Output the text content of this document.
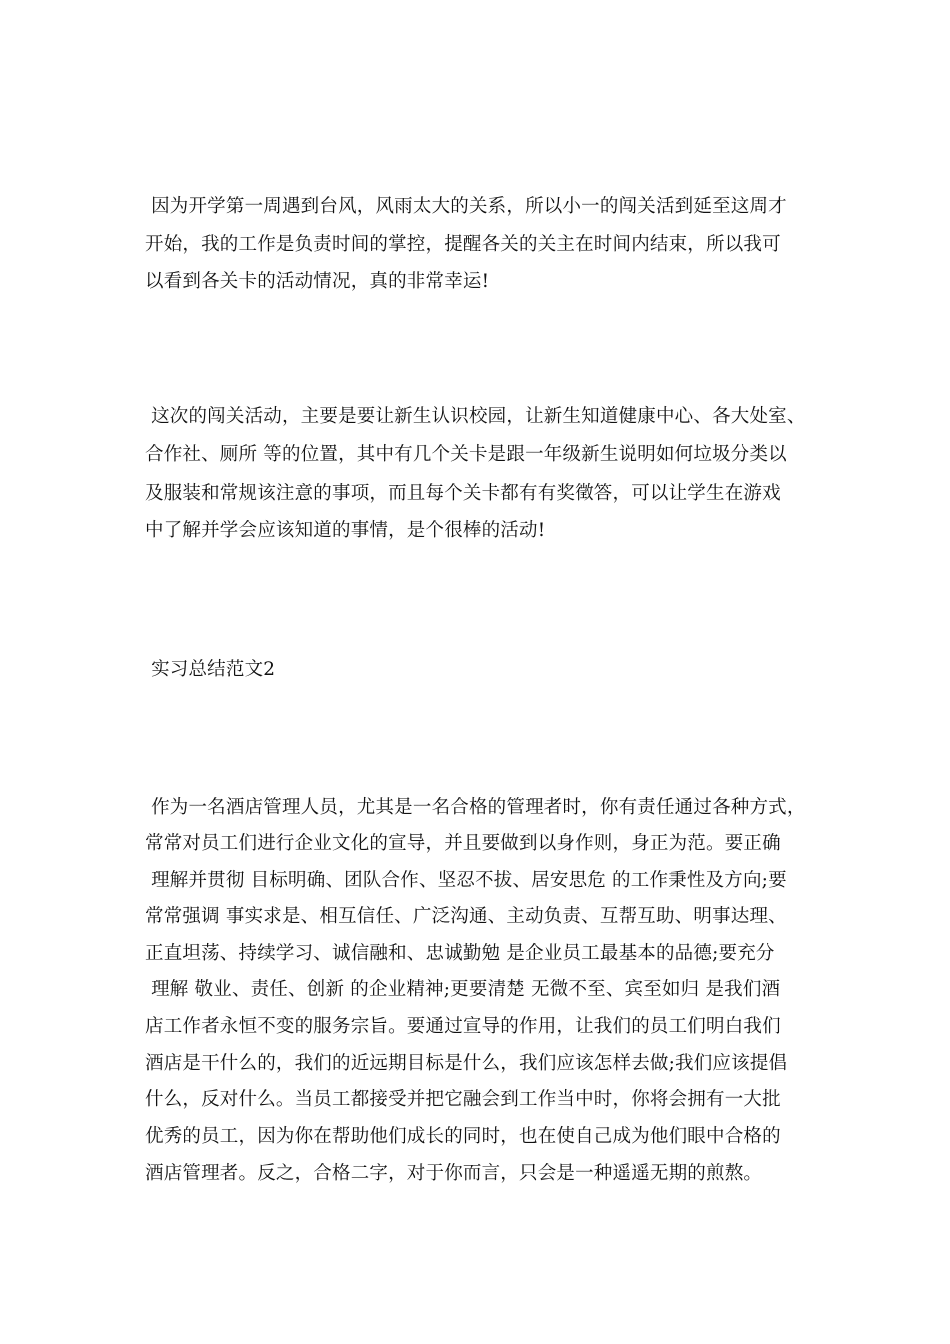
因为开学第一周遇到台风，风雨太大的关系，所以小一的闯关活到延至这周才
开始，我的工作是负责时间的掌控，提醒各关的关主在时间内结束，所以我可
以看到各关卡的活动情况，真的非常幸运!
这次的闯关活动，主要是要让新生认识校园，让新生知道健康中心、各大处室、
合作社、厕所 等的位置，其中有几个关卡是跟一年级新生说明如何垃圾分类以
及服装和常规该注意的事项，而且每个关卡都有有奖徵答，可以让学生在游戏
中了解并学会应该知道的事情，是个很棒的活动!
实习总结范文2
作为一名酒店管理人员，尤其是一名合格的管理者时，你有责任通过各种方式，
常常对员工们进行企业文化的宣导，并且要做到以身作则，身正为范。要正确
理解并贯彻 目标明确、团队合作、坚忍不拔、居安思危 的工作秉性及方向;要
常常强调 事实求是、相互信任、广泛沟通、主动负责、互帮互助、明事达理、
正直坦荡、持续学习、诚信融和、忠诚勤勉 是企业员工最基本的品德;要充分
理解 敬业、责任、创新 的企业精神;更要清楚 无微不至、宾至如归 是我们酒
店工作者永恒不变的服务宗旨。要通过宣导的作用，让我们的员工们明白我们
酒店是干什么的，我们的近远期目标是什么，我们应该怎样去做;我们应该提倡
什么，反对什么。当员工都接受并把它融会到工作当中时，你将会拥有一大批
优秀的员工，因为你在帮助他们成长的同时，也在使自己成为他们眼中合格的
酒店管理者。反之，合格二字，对于你而言，只会是一种遥遥无期的煎熬。
